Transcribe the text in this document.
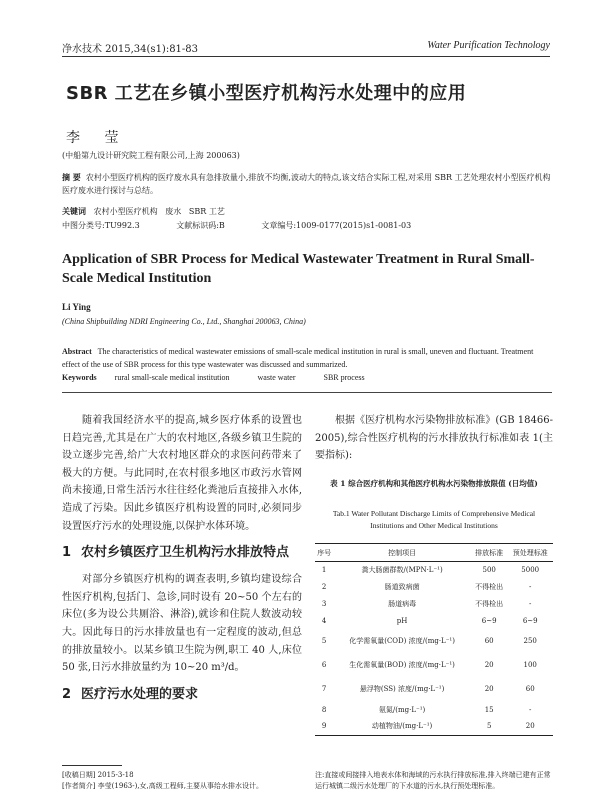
净水技术 2015,34(s1):81-83	Water Purification Technology
SBR 工艺在乡镇小型医疗机构污水处理中的应用
李 莹
(中船第九设计研究院工程有限公司,上海 200063)
摘 要 农村小型医疗机构的医疗废水具有急排放量小,排放不均衡,波动大的特点,该文结合实际工程,对采用 SBR 工艺处理农村小型医疗机构医疗废水进行探讨与总结。
关键词 农村小型医疗机构 废水 SBR 工艺
中图分类号:TU992.3	文献标识码:B	文章编号:1009-0177(2015)s1-0081-03
Application of SBR Process for Medical Wastewater Treatment in Rural Small-Scale Medical Institution
Li Ying
(China Shipbuilding NDRI Engineering Co., Ltd., Shanghai 200063, China)
Abstract The characteristics of medical wastewater emissions of small-scale medical institution in rural is small, uneven and fluctuant. Treatment effect of the use of SBR process for this type wastewater was discussed and summarized.
Keywords rural small-scale medical institution	waste water	SBR process

随着我国经济水平的提高,城乡医疗体系的设置也日趋完善,尤其是在广大的农村地区,各级乡镇卫生院的设立逐步完善,给广大农村地区群众的求医问药带来了极大的方便。与此同时,在农村很多地区市政污水管网尚未接通,日常生活污水往往经化粪池后直接排入水体,造成了污染。因此乡镇医疗机构设置的同时,必须同步设置医疗污水的处理设施,以保护水体环境。

1 农村乡镇医疗卫生机构污水排放特点

对部分乡镇医疗机构的调查表明,乡镇均建设综合性医疗机构,包括门、急诊,同时设有 20~50 个左右的床位(多为设公共厕浴、淋浴),就诊和住院人数波动较大。因此每日的污水排放量也有一定程度的波动,但总的排放量较小。以某乡镇卫生院为例,职工 40 人,床位 50 张,日污水排放量约为 10~20 m³/d。

2 医疗污水处理的要求

根据《医疗机构水污染物排放标准》(GB 18466-2005),综合性医疗机构的污水排放执行标准如表 1(主要指标):

表 1 综合医疗机构和其他医疗机构水污染物排放限值 (日均值)
Tab.1 Water Pollutant Discharge Limits of Comprehensive Medical Institutions and Other Medical Institutions
序号	控制项目	排放标准	预处理标准
1	粪大肠菌群数/(MPN·L⁻¹)	500	5000
2	肠道致病菌	不得检出	-
3	肠道病毒	不得检出	-
4	pH	6~9	6~9
5	化学需氧量(COD) 浓度/(mg·L⁻¹)	60	250
6	生化需氧量(BOD) 浓度/(mg·L⁻¹)	20	100
7	悬浮物(SS) 浓度/(mg·L⁻¹)	20	60
8	氨氮/(mg·L⁻¹)	15	-
9	动植物油/(mg·L⁻¹)	5	20
注:直接或间接排入地表水体和海域的污水执行排放标准,排入终端已建有正常运行城镇二级污水处理厂的下水道的污水,执行预处理标准。
[收稿日期] 2015-3-18
[作者简介] 李莹(1963-),女,高级工程师,主要从事给水排水设计。
